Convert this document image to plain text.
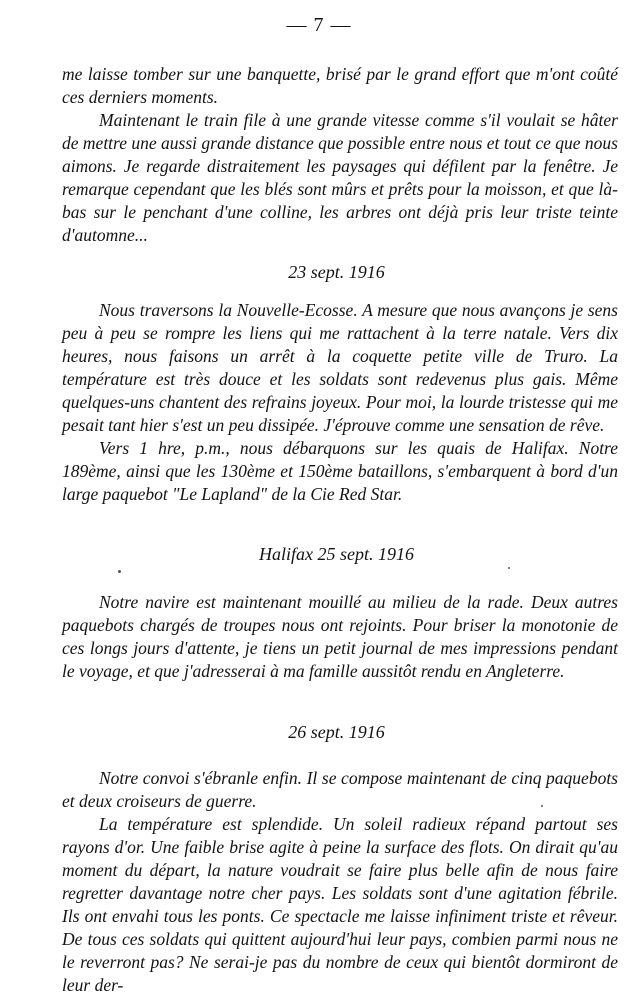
— 7 —

me laisse tomber sur une banquette, brisé par le grand effort que m'ont coûté ces derniers moments.

Maintenant le train file à une grande vitesse comme s'il voulait se hâter de mettre une aussi grande distance que possible entre nous et tout ce que nous aimons. Je regarde distraitement les paysages qui défilent par la fenêtre. Je remarque cependant que les blés sont mûrs et prêts pour la moisson, et que là-bas sur le penchant d'une colline, les arbres ont déjà pris leur triste teinte d'automne...

23 sept. 1916

Nous traversons la Nouvelle-Ecosse. A mesure que nous avançons je sens peu à peu se rompre les liens qui me rattachent à la terre natale. Vers dix heures, nous faisons un arrêt à la coquette petite ville de Truro. La température est très douce et les soldats sont redevenus plus gais. Même quelques-uns chantent des refrains joyeux. Pour moi, la lourde tristesse qui me pesait tant hier s'est un peu dissipée. J'éprouve comme une sensation de rêve.

Vers 1 hre, p.m., nous débarquons sur les quais de Halifax. Notre 189ème, ainsi que les 130ème et 150ème bataillons, s'embarquent à bord d'un large paquebot "Le Lapland" de la Cie Red Star.

Halifax 25 sept. 1916

Notre navire est maintenant mouillé au milieu de la rade. Deux autres paquebots chargés de troupes nous ont rejoints. Pour briser la monotonie de ces longs jours d'attente, je tiens un petit journal de mes impressions pendant le voyage, et que j'adresserai à ma famille aussitôt rendu en Angleterre.

26 sept. 1916

Notre convoi s'ébranle enfin. Il se compose maintenant de cinq paquebots et deux croiseurs de guerre.

La température est splendide. Un soleil radieux répand partout ses rayons d'or. Une faible brise agite à peine la surface des flots. On dirait qu'au moment du départ, la nature voudrait se faire plus belle afin de nous faire regretter davantage notre cher pays. Les soldats sont d'une agitation fébrile. Ils ont envahi tous les ponts. Ce spectacle me laisse infiniment triste et rêveur. De tous ces soldats qui quittent aujourd'hui leur pays, combien parmi nous ne le reverront pas? Ne serai-je pas du nombre de ceux qui bientôt dormiront de leur der-
